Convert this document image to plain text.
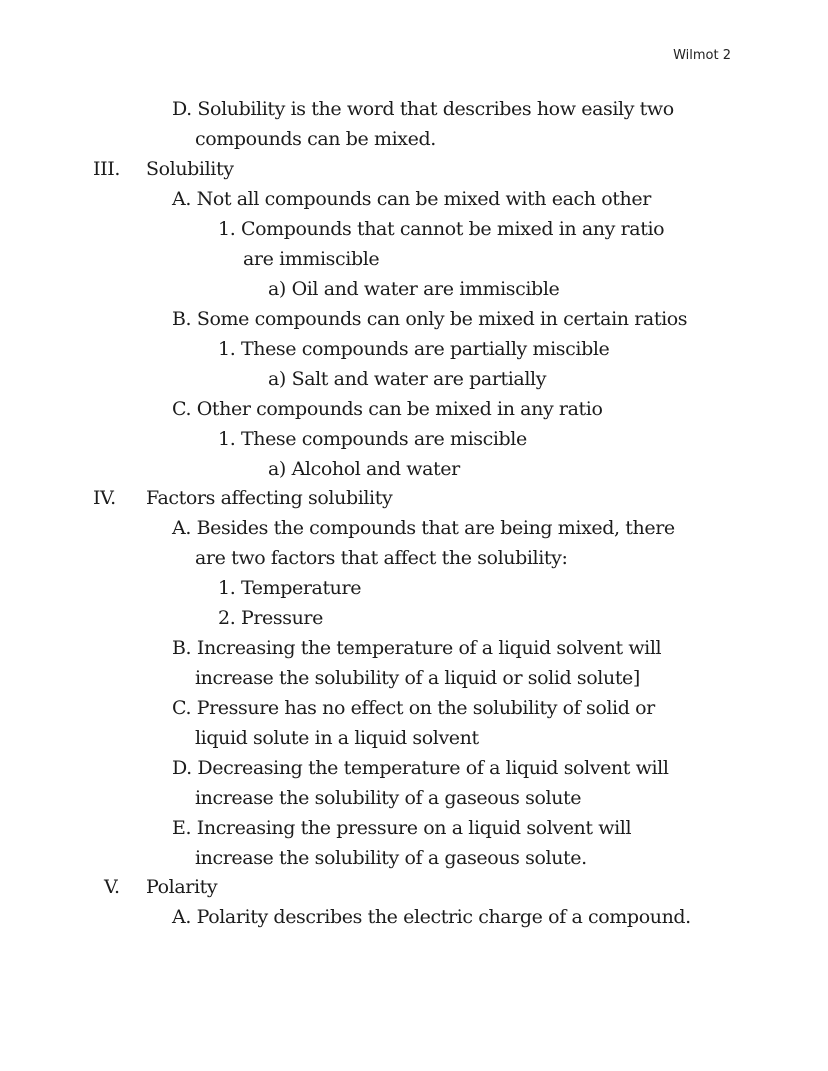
Wilmot 2
D. Solubility is the word that describes how easily two
compounds can be mixed.
III. Solubility
A. Not all compounds can be mixed with each other
1. Compounds that cannot be mixed in any ratio
are immiscible
a) Oil and water are immiscible
B. Some compounds can only be mixed in certain ratios
1. These compounds are partially miscible
a) Salt and water are partially
C. Other compounds can be mixed in any ratio
1. These compounds are miscible
a) Alcohol and water
IV. Factors affecting solubility
A. Besides the compounds that are being mixed, there
are two factors that affect the solubility:
1. Temperature
2. Pressure
B. Increasing the temperature of a liquid solvent will
increase the solubility of a liquid or solid solute]
C. Pressure has no effect on the solubility of solid or
liquid solute in a liquid solvent
D. Decreasing the temperature of a liquid solvent will
increase the solubility of a gaseous solute
E. Increasing the pressure on a liquid solvent will
increase the solubility of a gaseous solute.
V. Polarity
A. Polarity describes the electric charge of a compound.
